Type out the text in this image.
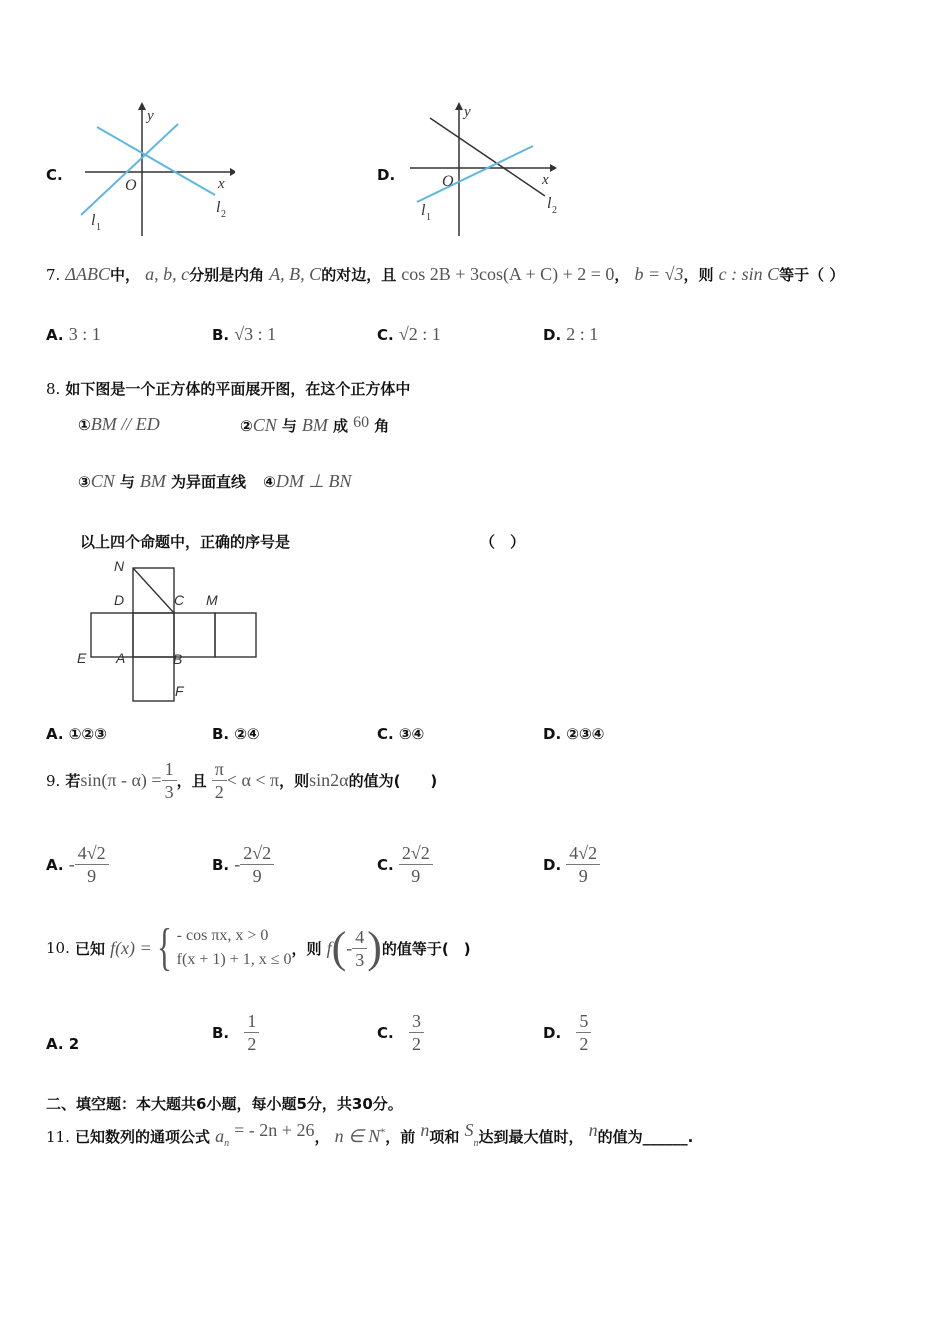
C.
y
x
O
l 1
l 2
D.
y
x
O
l 1
l 2
7. ΔABC中， a, b, c分别是内角 A, B, C的对边，且 cos 2B + 3cos(A + C) + 2 = 0， b = √3，则 c : sin C等于（ ）
A. 3 : 1	B. √3 : 1	C. √2 : 1	D. 2 : 1
8. 如下图是一个正方体的平面展开图，在这个正方体中
①BM // ED	②CN 与 BM 成 60 角
③CN 与 BM 为异面直线 ④DM ⊥ BN
以上四个命题中，正确的序号是	（　）
N
D	C M
E A	B
F
A. ①②③	B. ②④	C. ③④	D. ②③④
9.
若 $\sin(\pi - \alpha) = \frac{1}{3}$ ，且
$\frac{\pi}{2} < \alpha < \pi$ ，则 sin2α 的值为(　　)
A.
- $\frac{4√2}{9}$	B.
- $\frac{2√2}{9}$	C.
$\frac{2√2}{9}$	D.
$\frac{4√2}{9}$
10.
已知
f(x) = { - cos πx, x > 0
f(x + 1) + 1, x ≤ 0
，则
f ( - $\frac{4}{3}$ ) 的值等于(　)
A. 2
B.
$\frac{1}{2}$	C.
$\frac{3}{2}$	D.
$\frac{5}{2}$
二、填空题：本大题共6小题，每小题5分，共30分。
11. 已知数列的通项公式 $a_n$ = - 2n + 26， n ∈ N*，前 n项和 $S_n$达到最大值时， n的值为______.
